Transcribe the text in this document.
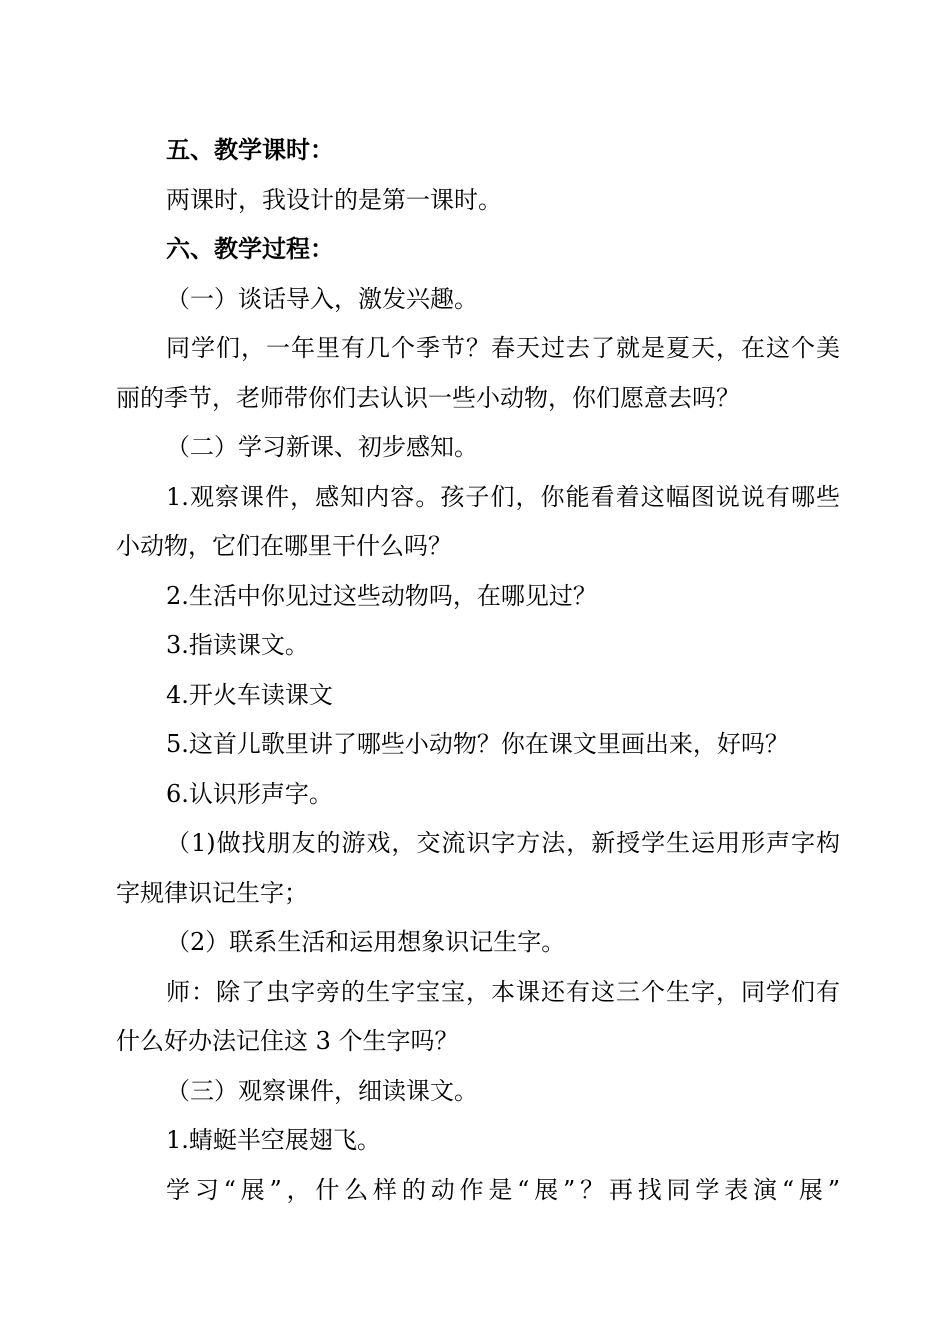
五、教学课时：
两课时，我设计的是第一课时。
六、教学过程：
（一）谈话导入，激发兴趣。
同学们，一年里有几个季节？春天过去了就是夏天，在这个美
丽的季节，老师带你们去认识一些小动物，你们愿意去吗？
（二）学习新课、初步感知。
1.观察课件，感知内容。孩子们，你能看着这幅图说说有哪些
小动物，它们在哪里干什么吗？
2.生活中你见过这些动物吗，在哪见过？
3.指读课文。
4.开火车读课文
5.这首儿歌里讲了哪些小动物？你在课文里画出来，好吗？
6.认识形声字。
（1)做找朋友的游戏，交流识字方法，新授学生运用形声字构
字规律识记生字；
（2）联系生活和运用想象识记生字。
师：除了虫字旁的生字宝宝，本课还有这三个生字，同学们有
什么好办法记住这 3 个生字吗？
（三）观察课件，细读课文。
1.蜻蜓半空展翅飞。
学习“展”，什么样的动作是“展”？再找同学表演“展”
